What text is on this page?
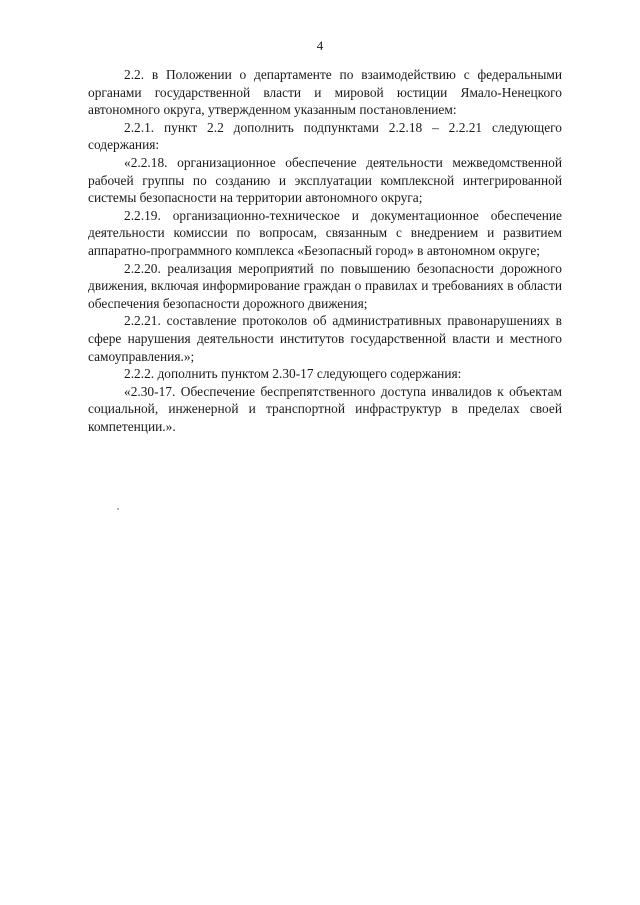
4

2.2. в Положении о департаменте по взаимодействию с федеральными органами государственной власти и мировой юстиции Ямало-Ненецкого автономного округа, утвержденном указанным постановлением:

2.2.1. пункт 2.2 дополнить подпунктами 2.2.18 – 2.2.21 следующего содержания:

«2.2.18. организационное обеспечение деятельности межведомственной рабочей группы по созданию и эксплуатации комплексной интегрированной системы безопасности на территории автономного округа;

2.2.19. организационно-техническое и документационное обеспечение деятельности комиссии по вопросам, связанным с внедрением и развитием аппаратно-программного комплекса «Безопасный город» в автономном округе;

2.2.20. реализация мероприятий по повышению безопасности дорожного движения, включая информирование граждан о правилах и требованиях в области обеспечения безопасности дорожного движения;

2.2.21. составление протоколов об административных правонарушениях в сфере нарушения деятельности институтов государственной власти и местного самоуправления.»;

2.2.2. дополнить пунктом 2.30-17 следующего содержания:

«2.30-17. Обеспечение беспрепятственного доступа инвалидов к объектам социальной, инженерной и транспортной инфраструктур в пределах своей компетенции.».
